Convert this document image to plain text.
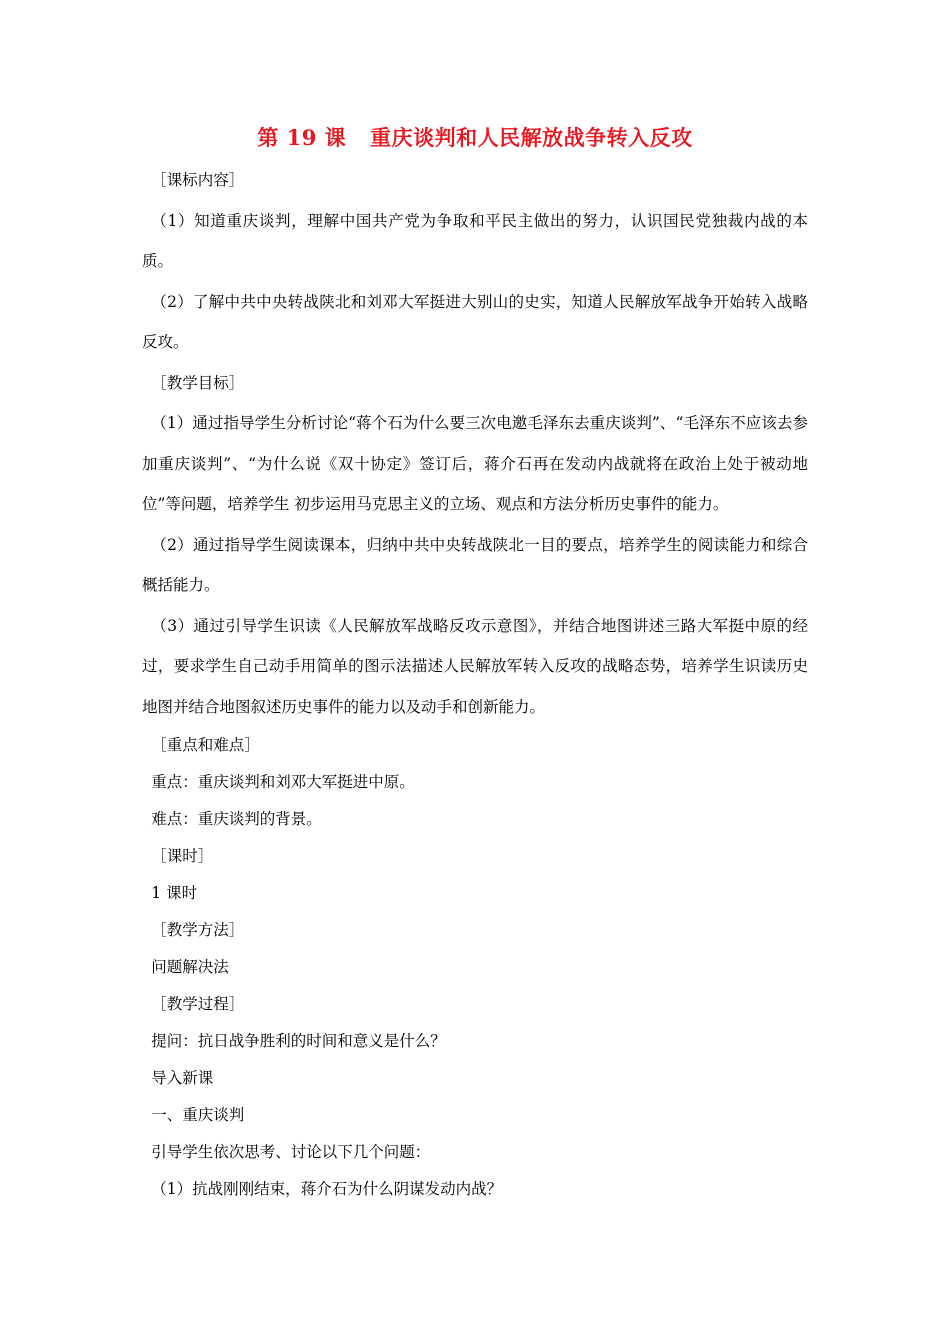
第 19 课 重庆谈判和人民解放战争转入反攻

［课标内容］

（1）知道重庆谈判，理解中国共产党为争取和平民主做出的努力，认识国民党独裁内战的本质。

（2）了解中共中央转战陕北和刘邓大军挺进大别山的史实，知道人民解放军战争开始转入战略反攻。

［教学目标］

（1）通过指导学生分析讨论“蒋个石为什么要三次电邀毛泽东去重庆谈判”、“毛泽东不应该去参加重庆谈判”、“为什么说《双十协定》签订后，蒋介石再在发动内战就将在政治上处于被动地位”等问题，培养学生 初步运用马克思主义的立场、观点和方法分析历史事件的能力。

（2）通过指导学生阅读课本，归纳中共中央转战陕北一目的要点，培养学生的阅读能力和综合概括能力。

（3）通过引导学生识读《人民解放军战略反攻示意图》，并结合地图讲述三路大军挺中原的经过，要求学生自己动手用简单的图示法描述人民解放军转入反攻的战略态势，培养学生识读历史地图并结合地图叙述历史事件的能力以及动手和创新能力。

［重点和难点］

重点：重庆谈判和刘邓大军挺进中原。

难点：重庆谈判的背景。

［课时］

1 课时

［教学方法］

问题解决法

［教学过程］

提问：抗日战争胜利的时间和意义是什么？

导入新课

一、重庆谈判

引导学生依次思考、讨论以下几个问题：

（1）抗战刚刚结束，蒋介石为什么阴谋发动内战？
